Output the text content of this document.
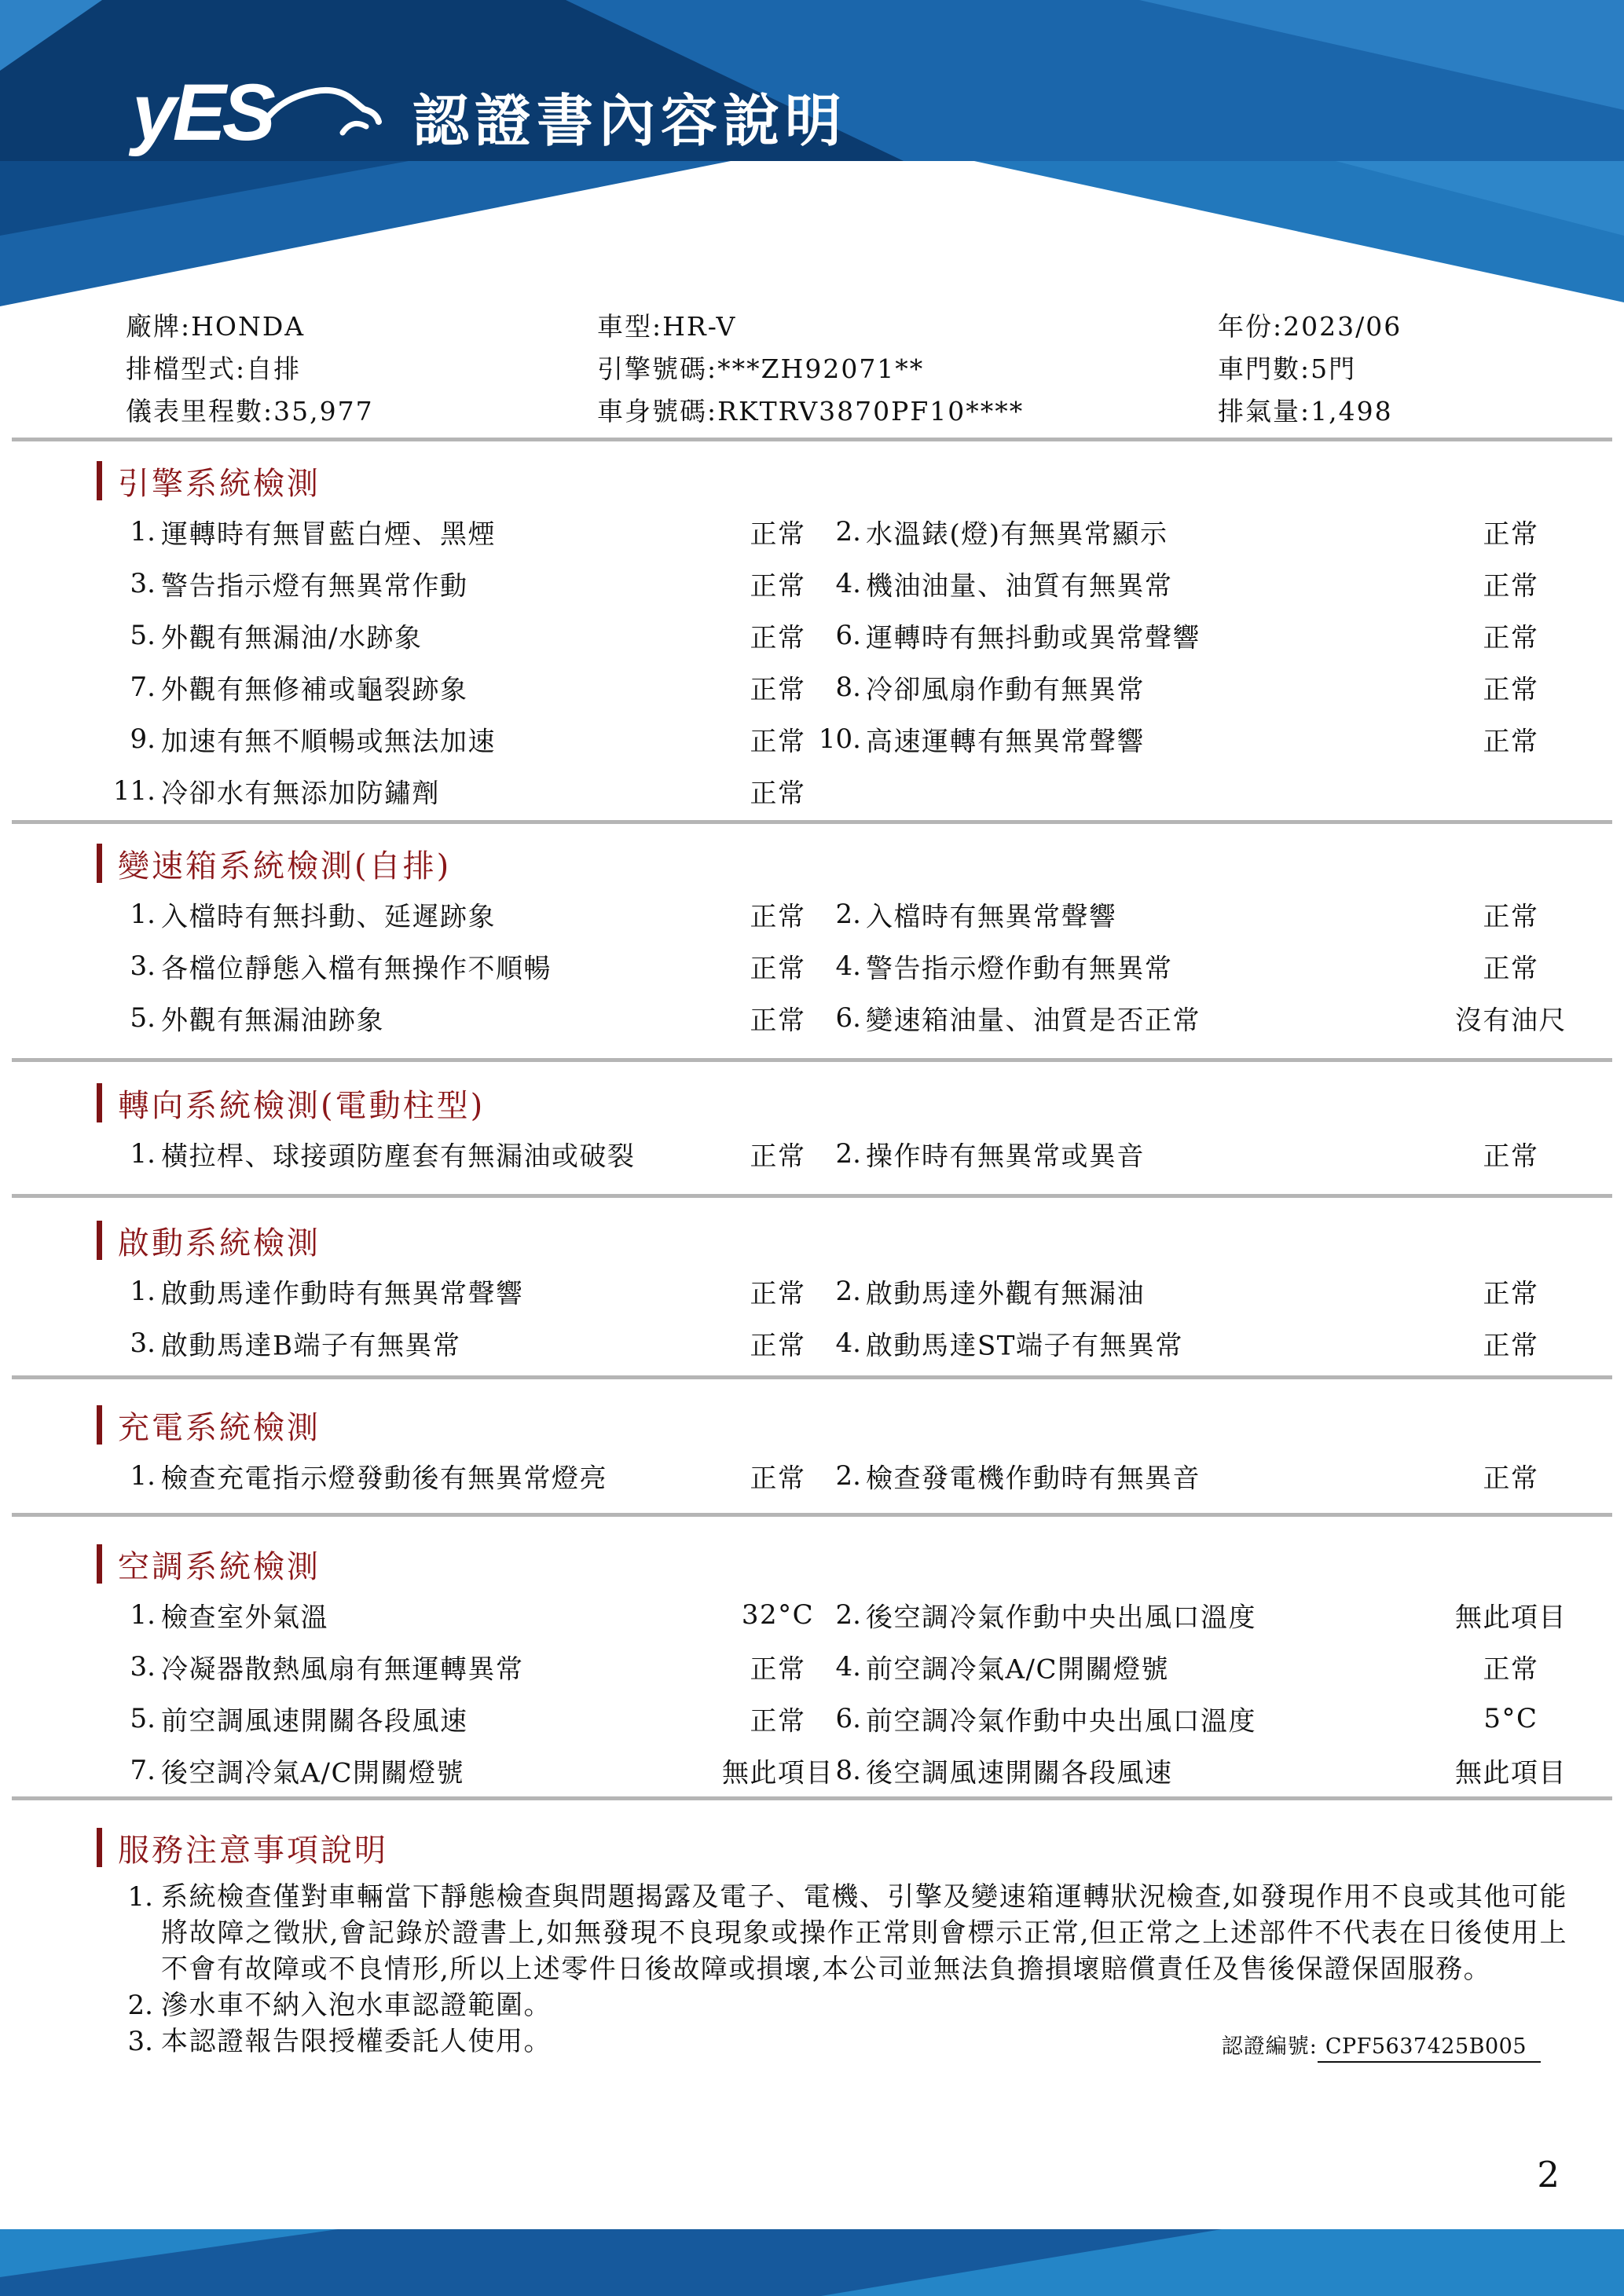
yES 認證書內容說明
廠牌:HONDA	車型:HR-V	年份:2023/06
排檔型式:自排	引擎號碼:***ZH92071**	車門數:5門
儀表里程數:35,977	車身號碼:RKTRV3870PF10****	排氣量:1,498
引擎系統檢測
1. 運轉時有無冒藍白煙、黑煙	正常	2. 水溫錶(燈)有無異常顯示	正常
3. 警告指示燈有無異常作動	正常	4. 機油油量、油質有無異常	正常
5. 外觀有無漏油/水跡象	正常	6. 運轉時有無抖動或異常聲響	正常
7. 外觀有無修補或龜裂跡象	正常	8. 冷卻風扇作動有無異常	正常
9. 加速有無不順暢或無法加速	正常 10. 高速運轉有無異常聲響	正常
11. 冷卻水有無添加防鏽劑	正常
變速箱系統檢測(自排)
1. 入檔時有無抖動、延遲跡象	正常	2. 入檔時有無異常聲響	正常
3. 各檔位靜態入檔有無操作不順暢	正常	4. 警告指示燈作動有無異常	正常
5. 外觀有無漏油跡象	正常	6. 變速箱油量、油質是否正常	沒有油尺
轉向系統檢測(電動柱型)
1. 橫拉桿、球接頭防塵套有無漏油或破裂	正常	2. 操作時有無異常或異音	正常
啟動系統檢測
1. 啟動馬達作動時有無異常聲響	正常	2. 啟動馬達外觀有無漏油	正常
3. 啟動馬達B端子有無異常	正常	4. 啟動馬達ST端子有無異常	正常
充電系統檢測
1. 檢查充電指示燈發動後有無異常燈亮	正常	2. 檢查發電機作動時有無異音	正常
空調系統檢測
1. 檢查室外氣溫	32°C 2. 後空調冷氣作動中央出風口溫度	無此項目
3. 冷凝器散熱風扇有無運轉異常	正常	4. 前空調冷氣A/C開關燈號	正常
5. 前空調風速開關各段風速	正常	6. 前空調冷氣作動中央出風口溫度	5°C
7. 後空調冷氣A/C開關燈號	無此項目 8. 後空調風速開關各段風速	無此項目
服務注意事項說明
1. 系統檢查僅對車輛當下靜態檢查與問題揭露及電子、電機、引擎及變速箱運轉狀況檢查,如發現作用不良或其他可能將故障之徵狀,會記錄於證書上,如無發現不良現象或操作正常則會標示正常,但正常之上述部件不代表在日後使用上不會有故障或不良情形,所以上述零件日後故障或損壞,本公司並無法負擔損壞賠償責任及售後保證保固服務。
2. 滲水車不納入泡水車認證範圍。
3. 本認證報告限授權委託人使用。	認證編號: CPF5637425B005
2
